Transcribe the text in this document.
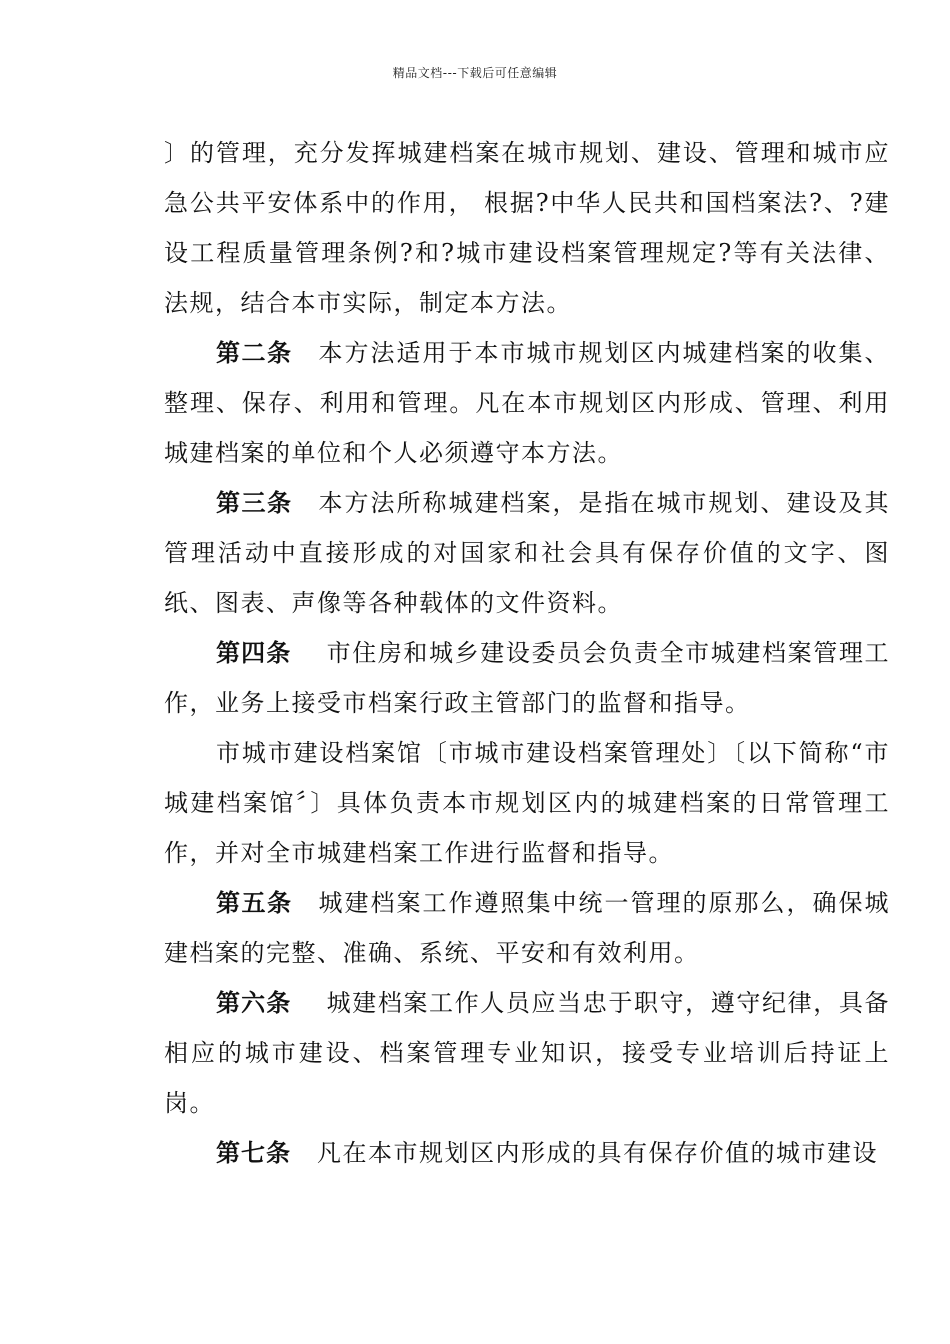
精品文档---下载后可任意编辑

〕的管理，充分发挥城建档案在城市规划、建设、管理和城市应急公共平安体系中的作用， 根据?中华人民共和国档案法?、?建设工程质量管理条例?和?城市建设档案管理规定?等有关法律、法规，结合本市实际，制定本方法。

第二条 本方法适用于本市城市规划区内城建档案的收集、整理、保存、利用和管理。凡在本市规划区内形成、管理、利用城建档案的单位和个人必须遵守本方法。

第三条 本方法所称城建档案，是指在城市规划、建设及其管理活动中直接形成的对国家和社会具有保存价值的文字、图纸、图表、声像等各种载体的文件资料。

第四条 市住房和城乡建设委员会负责全市城建档案管理工作，业务上接受市档案行政主管部门的监督和指导。

市城市建设档案馆〔市城市建设档案管理处〕〔以下简称“市城建档案馆〞〕具体负责本市规划区内的城建档案的日常管理工作，并对全市城建档案工作进行监督和指导。

第五条 城建档案工作遵照集中统一管理的原那么，确保城建档案的完整、准确、系统、平安和有效利用。

第六条 城建档案工作人员应当忠于职守，遵守纪律，具备相应的城市建设、档案管理专业知识，接受专业培训后持证上岗。

第七条 凡在本市规划区内形成的具有保存价值的城市建设
